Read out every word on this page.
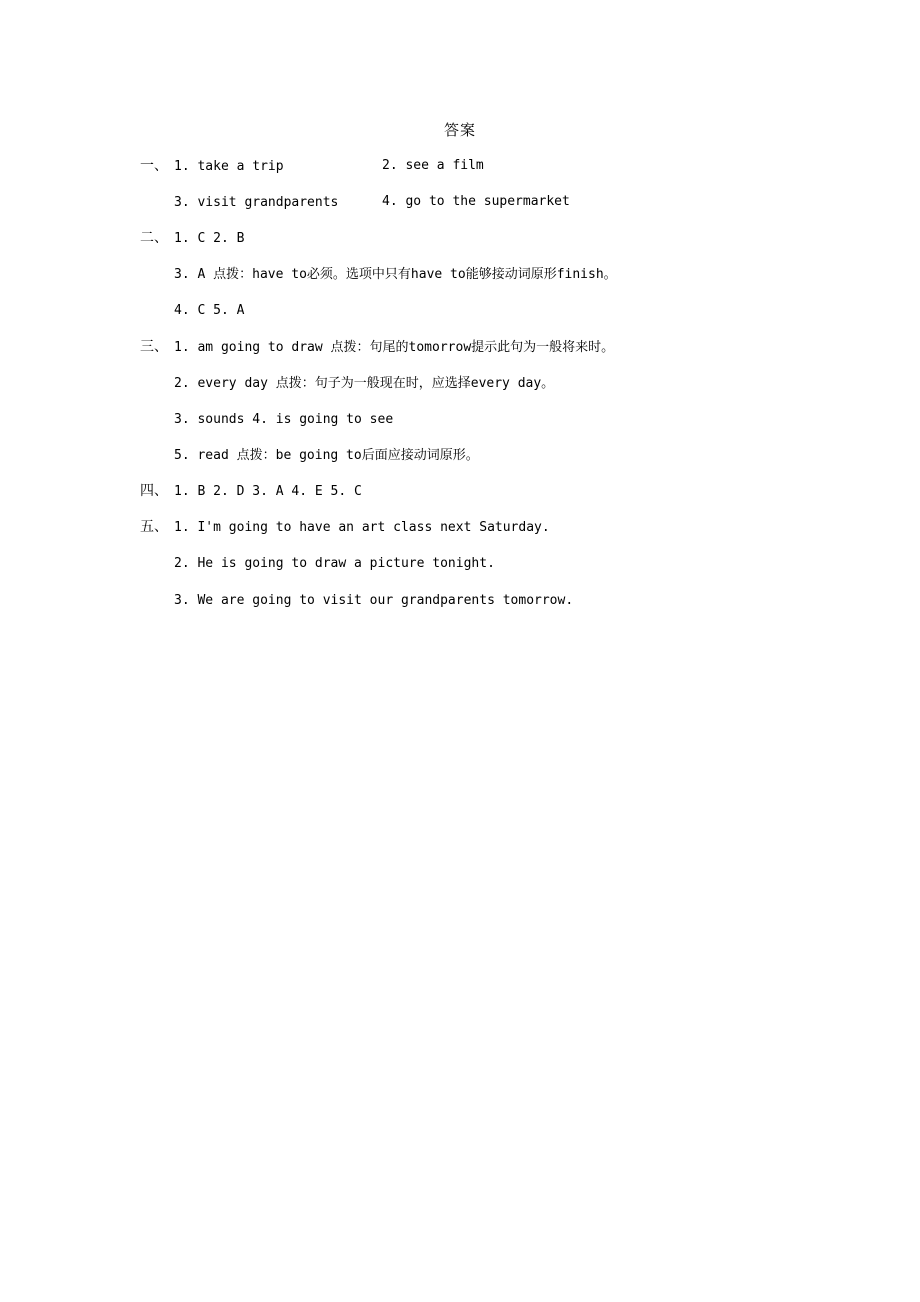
答案
一、 1. take a trip	2. see a film
3. visit grandparents	4. go to the supermarket
二、 1. C 2. B
3. A 点拨：have to必须。选项中只有have to能够接动词原形finish。
4. C 5. A
三、 1. am going to draw 点拨：句尾的tomorrow提示此句为一般将来时。
2. every day 点拨：句子为一般现在时，应选择every day。
3. sounds 4. is going to see
5. read 点拨：be going to后面应接动词原形。
四、 1. B 2. D 3. A 4. E 5. C
五、 1. I'm going to have an art class next Saturday.
2. He is going to draw a picture tonight.
3. We are going to visit our grandparents tomorrow.
